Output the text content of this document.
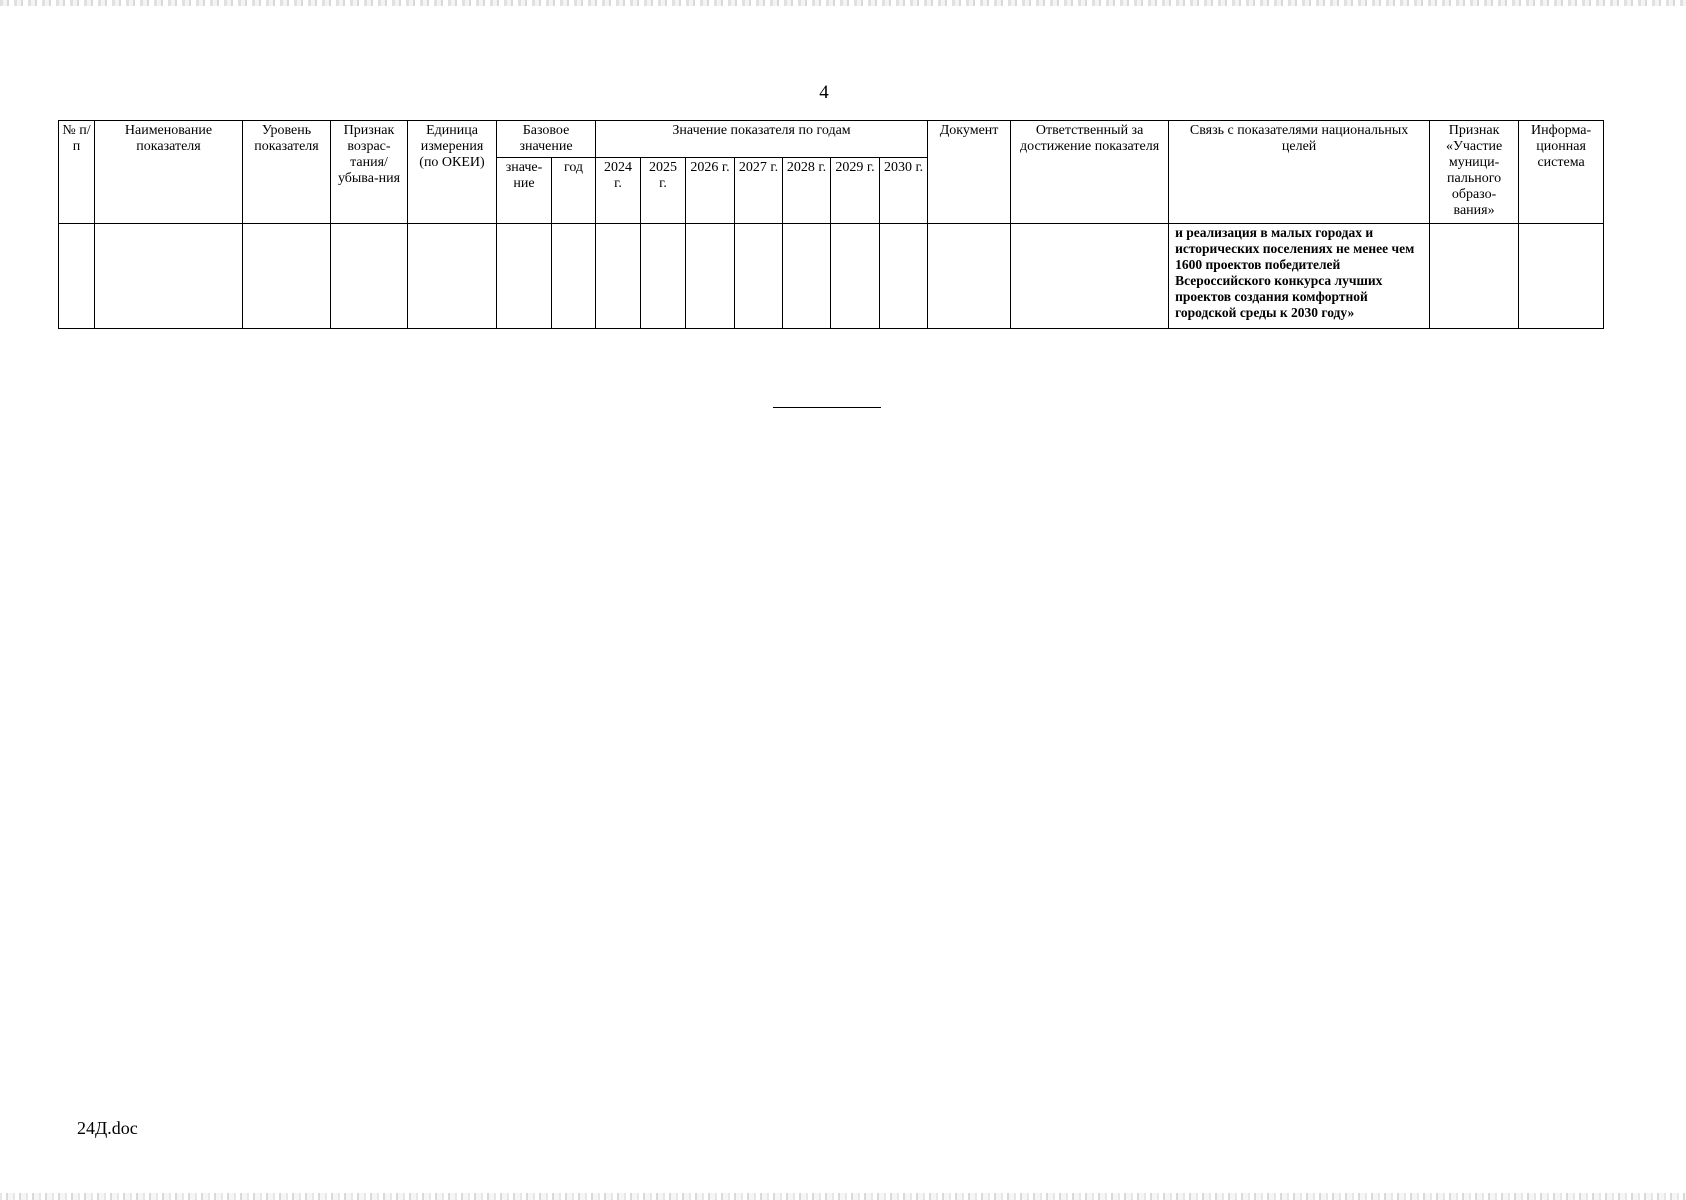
4
№ п/п	Наименование показателя	Уровень показателя	Признак возрас-тания/ убыва-ния	Единица измерения (по ОКЕИ)	Базовое значение		Значение показателя по годам							Документ	Ответственный за достижение показателя	Связь с показателями национальных целей	Признак «Участие муници-пального образо-вания»	Информа-ционная система
					значе-ние	год	2024 г.	2025 г.	2026 г.	2027 г.	2028 г.	2029 г.	2030 г.					
																и реализация в малых городах и исторических поселениях не менее чем 1600 проектов победителей Всероссийского конкурса лучших проектов создания комфортной городской среды к 2030 году»		
24Д.doc
